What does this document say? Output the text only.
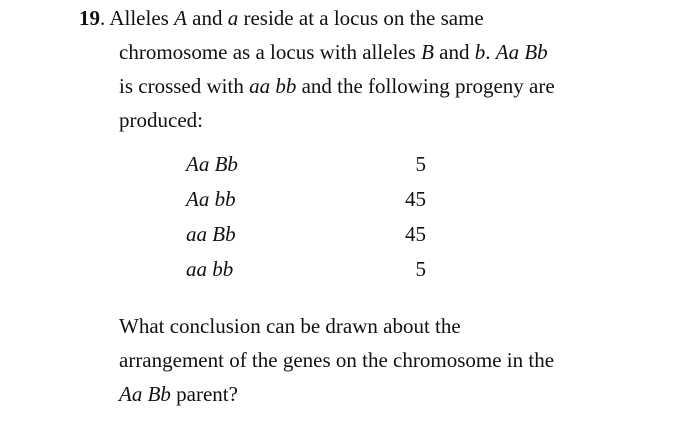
19. Alleles A and a reside at a locus on the same
chromosome as a locus with alleles B and b. Aa Bb
is crossed with aa bb and the following progeny are
produced:
Aa Bb	5
Aa bb	45
aa Bb	45
aa bb	5
What conclusion can be drawn about the
arrangement of the genes on the chromosome in the
Aa Bb parent?
